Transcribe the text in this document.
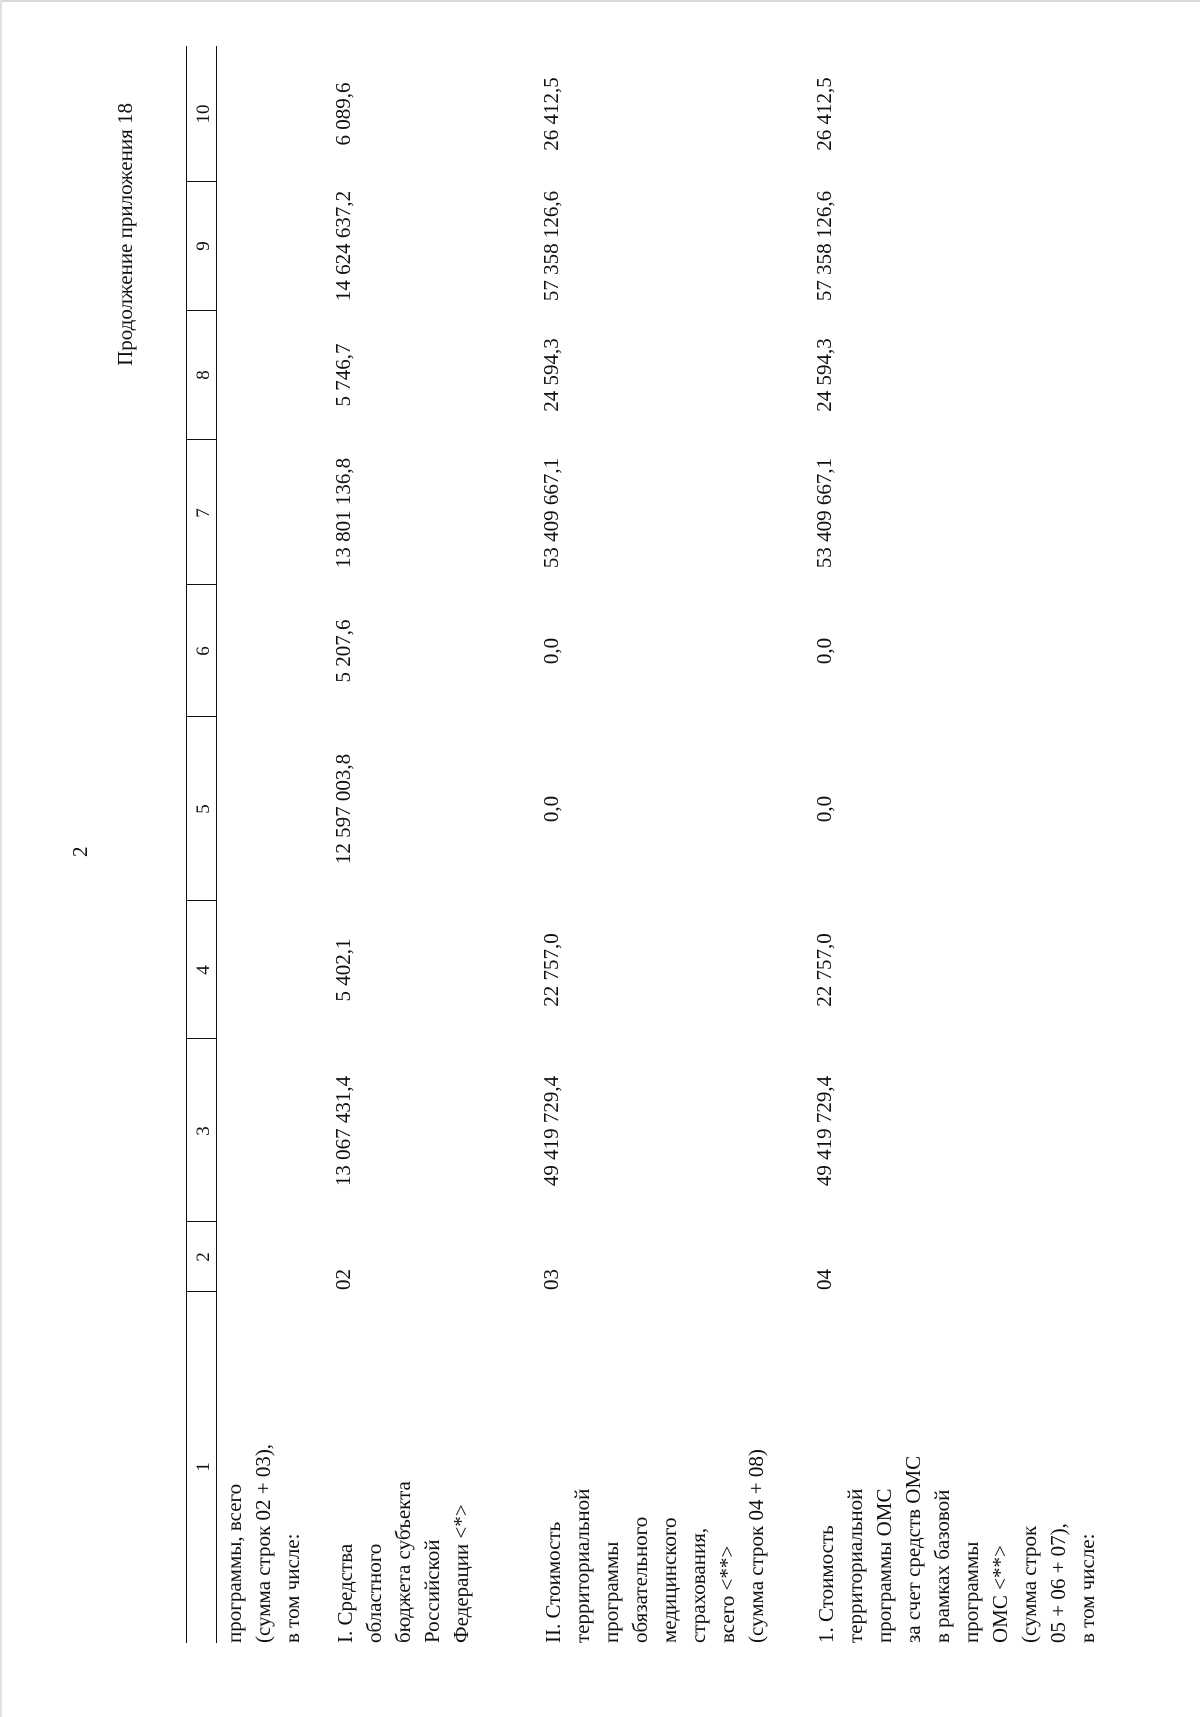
2
Продолжение приложения 18
1
2
3
4
5
6
7
8
9
10
программы, всего
(сумма строк 02 + 03),
в том числе:
I. Средства
областного
бюджета субъекта
Российской
Федерации <*>
02
13 067 431,4
5 402,1
12 597 003,8
5 207,6
13 801 136,8
5 746,7
14 624 637,2
6 089,6
II. Стоимость
территориальной
программы
обязательного
медицинского
страхования,
всего <**>
(сумма строк 04 + 08)
03
49 419 729,4
22 757,0
0,0
0,0
53 409 667,1
24 594,3
57 358 126,6
26 412,5
1. Стоимость
территориальной
программы ОМС
за счет средств ОМС
в рамках базовой
программы
ОМС <**>
(сумма строк
05 + 06 + 07),
в том числе:
04
49 419 729,4
22 757,0
0,0
0,0
53 409 667,1
24 594,3
57 358 126,6
26 412,5
